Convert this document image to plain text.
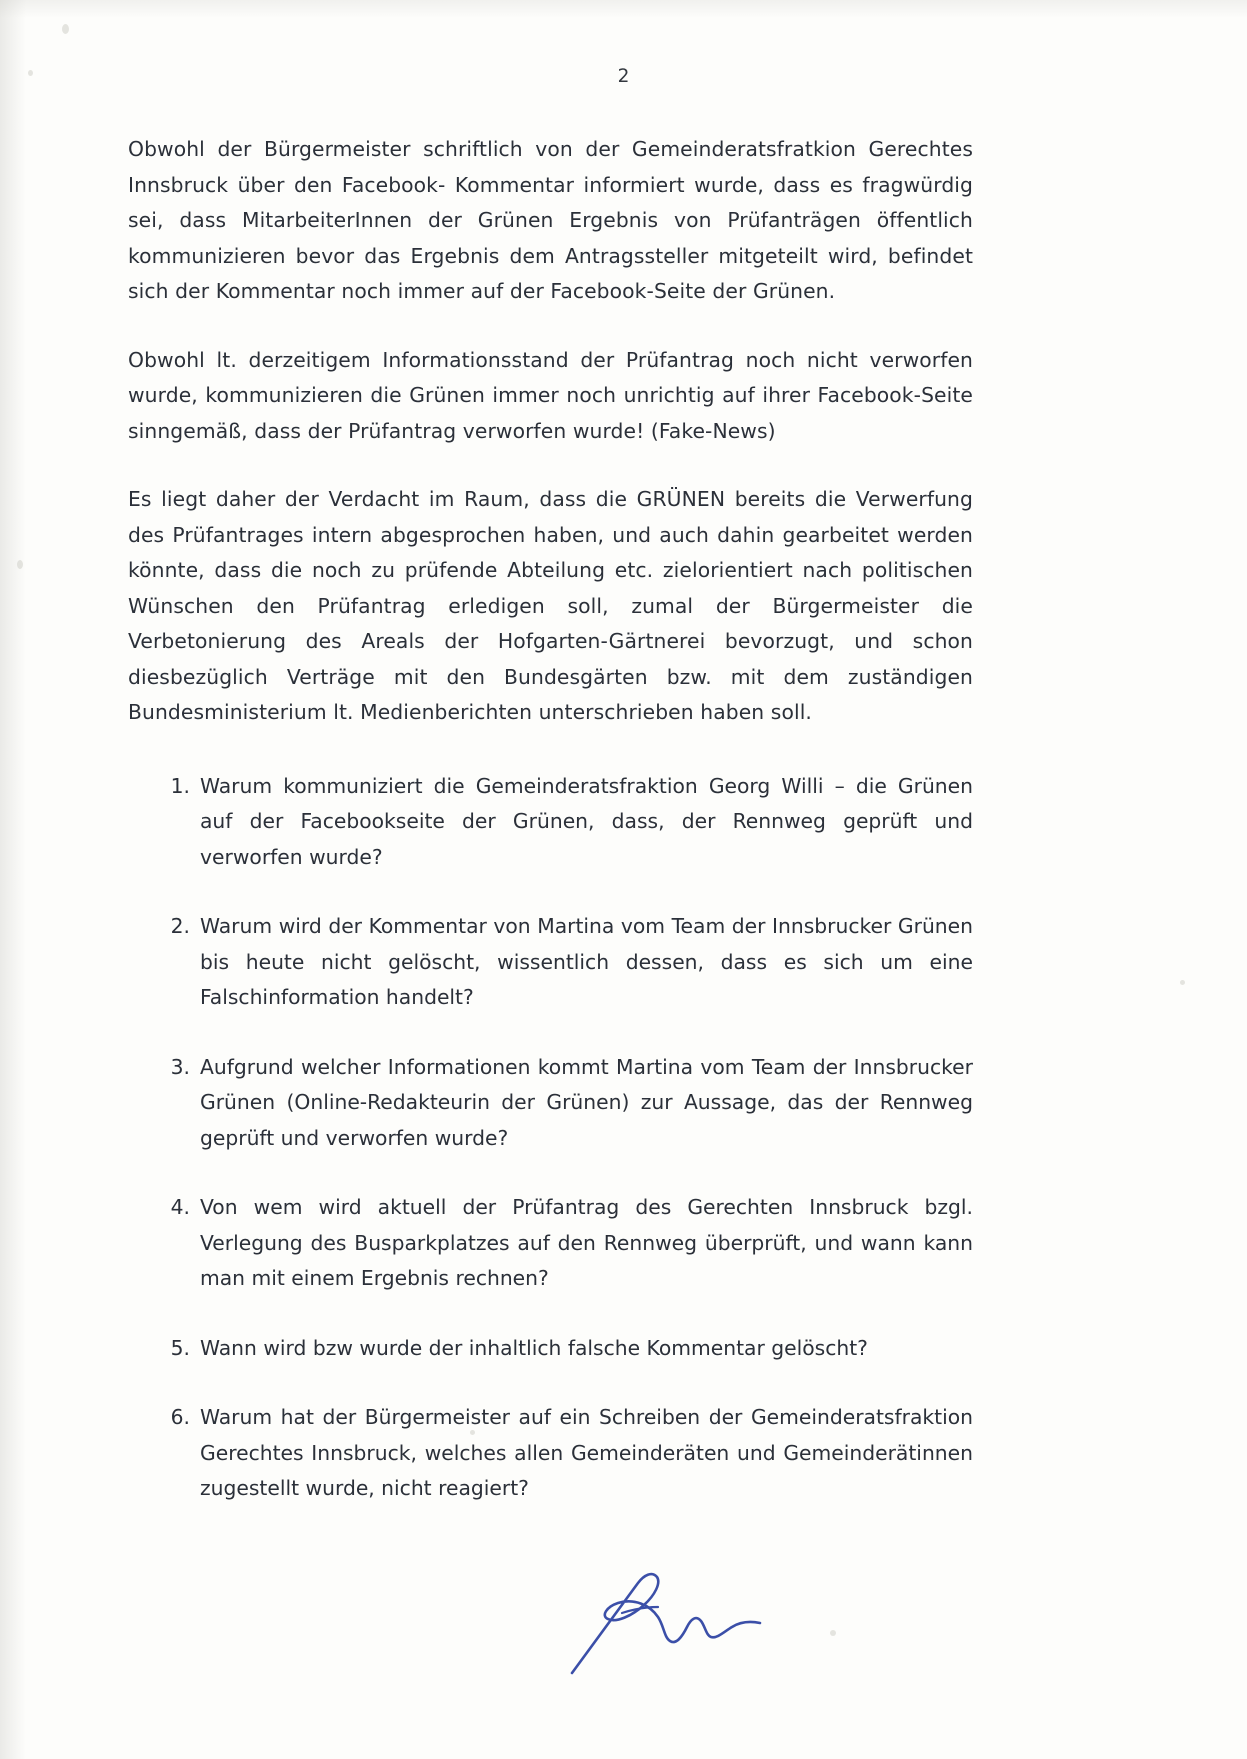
2

Obwohl der Bürgermeister schriftlich von der Gemeinderatsfratkion Gerechtes Innsbruck über den Facebook- Kommentar informiert wurde, dass es fragwürdig sei, dass MitarbeiterInnen der Grünen Ergebnis von Prüfanträgen öffentlich kommunizieren bevor das Ergebnis dem Antragssteller mitgeteilt wird, befindet sich der Kommentar noch immer auf der Facebook-Seite der Grünen.

Obwohl lt. derzeitigem Informationsstand der Prüfantrag noch nicht verworfen wurde, kommunizieren die Grünen immer noch unrichtig auf ihrer Facebook-Seite sinngemäß, dass der Prüfantrag verworfen wurde! (Fake-News)

Es liegt daher der Verdacht im Raum, dass die GRÜNEN bereits die Verwerfung des Prüfantrages intern abgesprochen haben, und auch dahin gearbeitet werden könnte, dass die noch zu prüfende Abteilung etc. zielorientiert nach politischen Wünschen den Prüfantrag erledigen soll, zumal der Bürgermeister die Verbetonierung des Areals der Hofgarten-Gärtnerei bevorzugt, und schon diesbezüglich Verträge mit den Bundesgärten bzw. mit dem zuständigen Bundesministerium lt. Medienberichten unterschrieben haben soll.

1. Warum kommuniziert die Gemeinderatsfraktion Georg Willi – die Grünen auf der Facebookseite der Grünen, dass, der Rennweg geprüft und verworfen wurde?
2. Warum wird der Kommentar von Martina vom Team der Innsbrucker Grünen bis heute nicht gelöscht, wissentlich dessen, dass es sich um eine Falschinformation handelt?
3. Aufgrund welcher Informationen kommt Martina vom Team der Innsbrucker Grünen (Online-Redakteurin der Grünen) zur Aussage, das der Rennweg geprüft und verworfen wurde?
4. Von wem wird aktuell der Prüfantrag des Gerechten Innsbruck bzgl. Verlegung des Busparkplatzes auf den Rennweg überprüft, und wann kann man mit einem Ergebnis rechnen?
5. Wann wird bzw wurde der inhaltlich falsche Kommentar gelöscht?
6. Warum hat der Bürgermeister auf ein Schreiben der Gemeinderatsfraktion Gerechtes Innsbruck, welches allen Gemeinderäten und Gemeinderätinnen zugestellt wurde, nicht reagiert?
